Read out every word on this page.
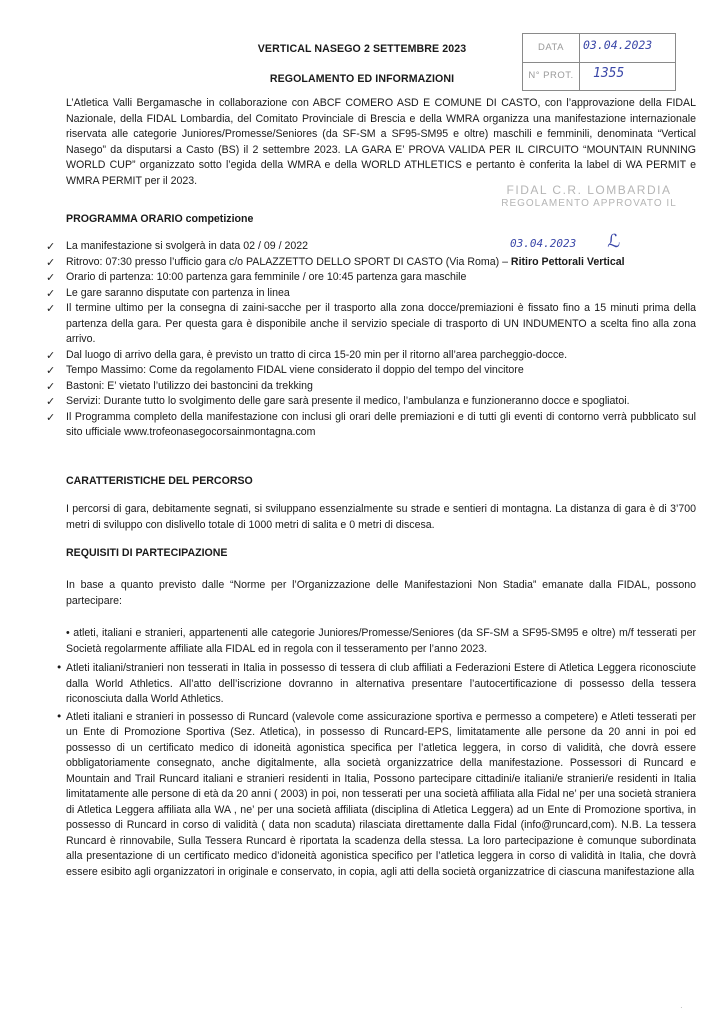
VERTICAL NASEGO 2 SETTEMBRE 2023
REGOLAMENTO ED INFORMAZIONI
DATA	03.04.2023
N° PROT.	1355
L’Atletica Valli Bergamasche in collaborazione con ABCF COMERO ASD E COMUNE DI CASTO, con l’approvazione della FIDAL Nazionale, della FIDAL Lombardia, del Comitato Provinciale di Brescia e della WMRA organizza una manifestazione internazionale riservata alle categorie Juniores/Promesse/Seniores (da SF-SM a SF95-SM95 e oltre) maschili e femminili, denominata “Vertical Nasego” da disputarsi a Casto (BS) il 2 settembre 2023. LA GARA E’ PROVA VALIDA PER IL CIRCUITO “MOUNTAIN RUNNING WORLD CUP” organizzato sotto l’egida della WMRA e della WORLD ATHLETICS e pertanto è conferita la label di WA PERMIT e WMRA PERMIT per il 2023.
FIDAL C.R. LOMBARDIA
REGOLAMENTO APPROVATO IL
03.04.2023 ℒ
PROGRAMMA ORARIO competizione
✓ La manifestazione si svolgerà in data 02 / 09 / 2022
✓ Ritrovo: 07:30 presso l’ufficio gara c/o PALAZZETTO DELLO SPORT DI CASTO (Via Roma) – Ritiro Pettorali Vertical
✓ Orario di partenza: 10:00 partenza gara femminile / ore 10:45 partenza gara maschile
✓ Le gare saranno disputate con partenza in linea
✓ Il termine ultimo per la consegna di zaini-sacche per il trasporto alla zona docce/premiazioni è fissato fino a 15 minuti prima della partenza della gara. Per questa gara è disponibile anche il servizio speciale di trasporto di UN INDUMENTO a scelta fino alla zona arrivo.
✓ Dal luogo di arrivo della gara, è previsto un tratto di circa 15-20 min per il ritorno all’area parcheggio-docce.
✓ Tempo Massimo: Come da regolamento FIDAL viene considerato il doppio del tempo del vincitore
✓ Bastoni: E’ vietato l’utilizzo dei bastoncini da trekking
✓ Servizi: Durante tutto lo svolgimento delle gare sarà presente il medico, l’ambulanza e funzioneranno docce e spogliatoi.
✓ Il Programma completo della manifestazione con inclusi gli orari delle premiazioni e di tutti gli eventi di contorno verrà pubblicato sul sito ufficiale www.trofeonasegocorsainmontagna.com
CARATTERISTICHE DEL PERCORSO
I percorsi di gara, debitamente segnati, si sviluppano essenzialmente su strade e sentieri di montagna. La distanza di gara è di 3’700 metri di sviluppo con dislivello totale di 1000 metri di salita e 0 metri di discesa.
REQUISITI DI PARTECIPAZIONE
In base a quanto previsto dalle “Norme per l’Organizzazione delle Manifestazioni Non Stadia” emanate dalla FIDAL, possono partecipare:
• atleti, italiani e stranieri, appartenenti alle categorie Juniores/Promesse/Seniores (da SF-SM a SF95-SM95 e oltre) m/f tesserati per Società regolarmente affiliate alla FIDAL ed in regola con il tesseramento per l’anno 2023.
• Atleti italiani/stranieri non tesserati in Italia in possesso di tessera di club affiliati a Federazioni Estere di Atletica Leggera riconosciute dalla World Athletics. All’atto dell’iscrizione dovranno in alternativa presentare l’autocertificazione di possesso della tessera riconosciuta dalla World Athletics.
• Atleti italiani e stranieri in possesso di Runcard (valevole come assicurazione sportiva e permesso a competere) e Atleti tesserati per un Ente di Promozione Sportiva (Sez. Atletica), in possesso di Runcard-EPS, limitatamente alle persone da 20 anni in poi ed possesso di un certificato medico di idoneità agonistica specifica per l’atletica leggera, in corso di validità, che dovrà essere obbligatoriamente consegnato, anche digitalmente, alla società organizzatrice della manifestazione. Possessori di Runcard e Mountain and Trail Runcard italiani e stranieri residenti in Italia, Possono partecipare cittadini/e italiani/e stranieri/e residenti in Italia limitatamente alle persone di età da 20 anni ( 2003) in poi, non tesserati per una società affiliata alla Fidal ne’ per una società straniera di Atletica Leggera affiliata alla WA , ne’ per una società affiliata (disciplina di Atletica Leggera) ad un Ente di Promozione sportiva, in possesso di Runcard in corso di validità ( data non scaduta) rilasciata direttamente dalla Fidal (info@runcard,com). N.B. La tessera Runcard è rinnovabile, Sulla Tessera Runcard è riportata la scadenza della stessa. La loro partecipazione è comunque subordinata alla presentazione di un certificato medico d’idoneità agonistica specifico per l’atletica leggera in corso di validità in Italia, che dovrà essere esibito agli organizzatori in originale e conservato, in copia, agli atti della società organizzatrice di ciascuna manifestazione alla
·
